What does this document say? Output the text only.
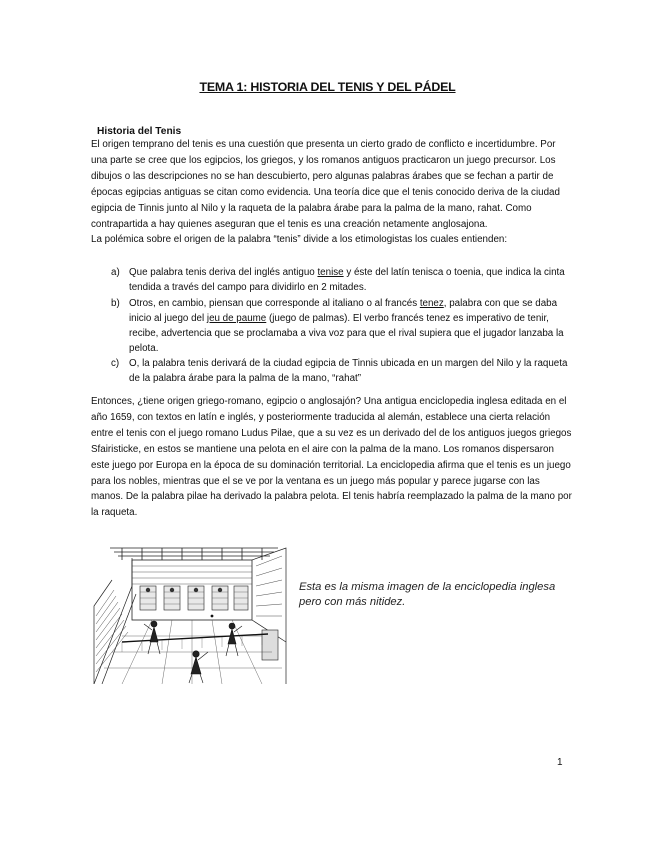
TEMA 1: HISTORIA DEL TENIS Y DEL PÁDEL
Historia del Tenis

El origen temprano del tenis es una cuestión que presenta un cierto grado de conflicto e incertidumbre. Por una parte se cree que los egipcios, los griegos, y los romanos antiguos practicaron un juego precursor. Los dibujos o las descripciones no se han descubierto, pero algunas palabras árabes que se fechan a partir de épocas egipcias antiguas se citan como evidencia. Una teoría dice que el tenis conocido deriva de la ciudad egipcia de Tinnis junto al Nilo y la raqueta de la palabra árabe para la palma de la mano, rahat. Como contrapartida a hay quienes aseguran que el tenis es una creación netamente anglosajona.

La polémica sobre el origen de la palabra “tenis” divide a los etimologistas los cuales entienden:

a) Que palabra tenis deriva del inglés antiguo tenise y éste del latín tenisca o toenia, que indica la cinta tendida a través del campo para dividirlo en 2 mitades.
b) Otros, en cambio, piensan que corresponde al italiano o al francés tenez, palabra con que se daba inicio al juego del jeu de paume (juego de palmas). El verbo francés tenez es imperativo de tenir, recibe, advertencia que se proclamaba a viva voz para que el rival supiera que el jugador lanzaba la pelota.
c) O, la palabra tenis derivará de la ciudad egipcia de Tinnis ubicada en un margen del Nilo y la raqueta de la palabra árabe para la palma de la mano, “rahat”

Entonces, ¿tiene origen griego-romano, egipcio o anglosajón? Una antigua enciclopedia inglesa editada en el año 1659, con textos en latín e inglés, y posteriormente traducida al alemán, establece una cierta relación entre el tenis con el juego romano Ludus Pilae, que a su vez es un derivado del de los antiguos juegos griegos Sfairisticke, en estos se mantiene una pelota en el aire con la palma de la mano. Los romanos dispersaron este juego por Europa en la época de su dominación territorial. La enciclopedia afirma que el tenis es un juego para los nobles, mientras que el se ve por la ventana es un juego más popular y parece jugarse con las manos. De la palabra pilae ha derivado la palabra pelota. El tenis habría reemplazado la palma de la mano por la raqueta.

Esta es la misma imagen de la enciclopedia inglesa pero con más nitidez.
1
